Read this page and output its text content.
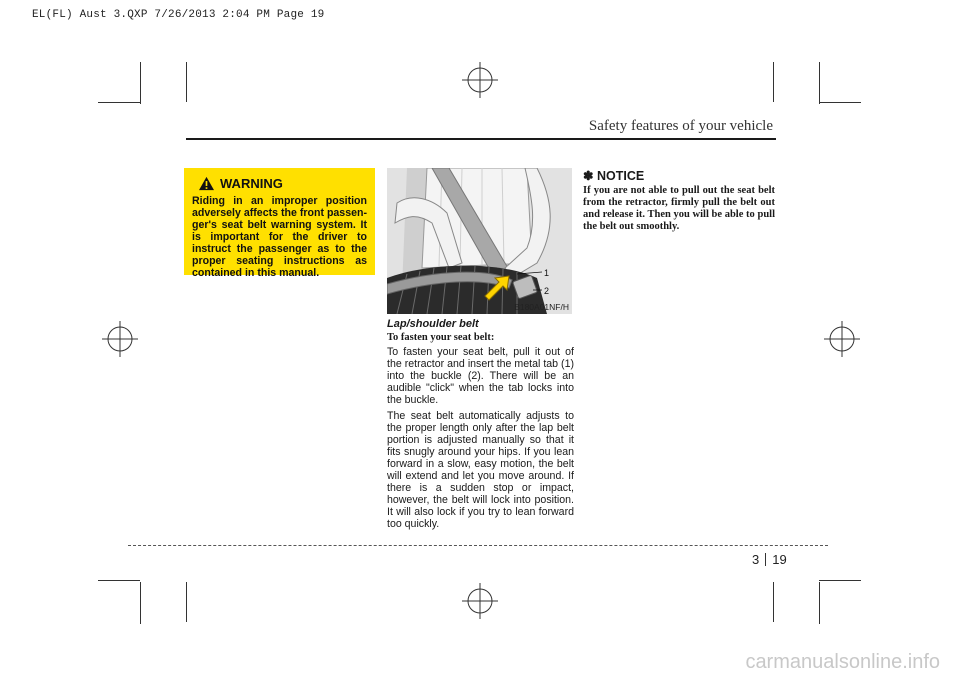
EL(FL) Aust 3.QXP 7/26/2013 2:04 PM Page 19
Safety features of your vehicle
WARNING
Riding in an improper position adversely affects the front passenger's seat belt warning system. It is important for the driver to instruct the passenger as to the proper seating instructions as contained in this manual.	1
2
B180A01NF/H
Lap/shoulder belt
To fasten your seat belt:

To fasten your seat belt, pull it out of the retractor and insert the metal tab (1) into the buckle (2). There will be an audible "click" when the tab locks into the buckle.

The seat belt automatically adjusts to the proper length only after the lap belt portion is adjusted manually so that it fits snugly around your hips. If you lean forward in a slow, easy motion, the belt will extend and let you move around. If there is a sudden stop or impact, however, the belt will lock into position. It will also lock if you try to lean forward too quickly.

✽ NOTICE
If you are not able to pull out the seat belt from the retractor, firmly pull the belt out and release it. Then you will be able to pull the belt out smoothly.
3 19
carmanualsonline.info
